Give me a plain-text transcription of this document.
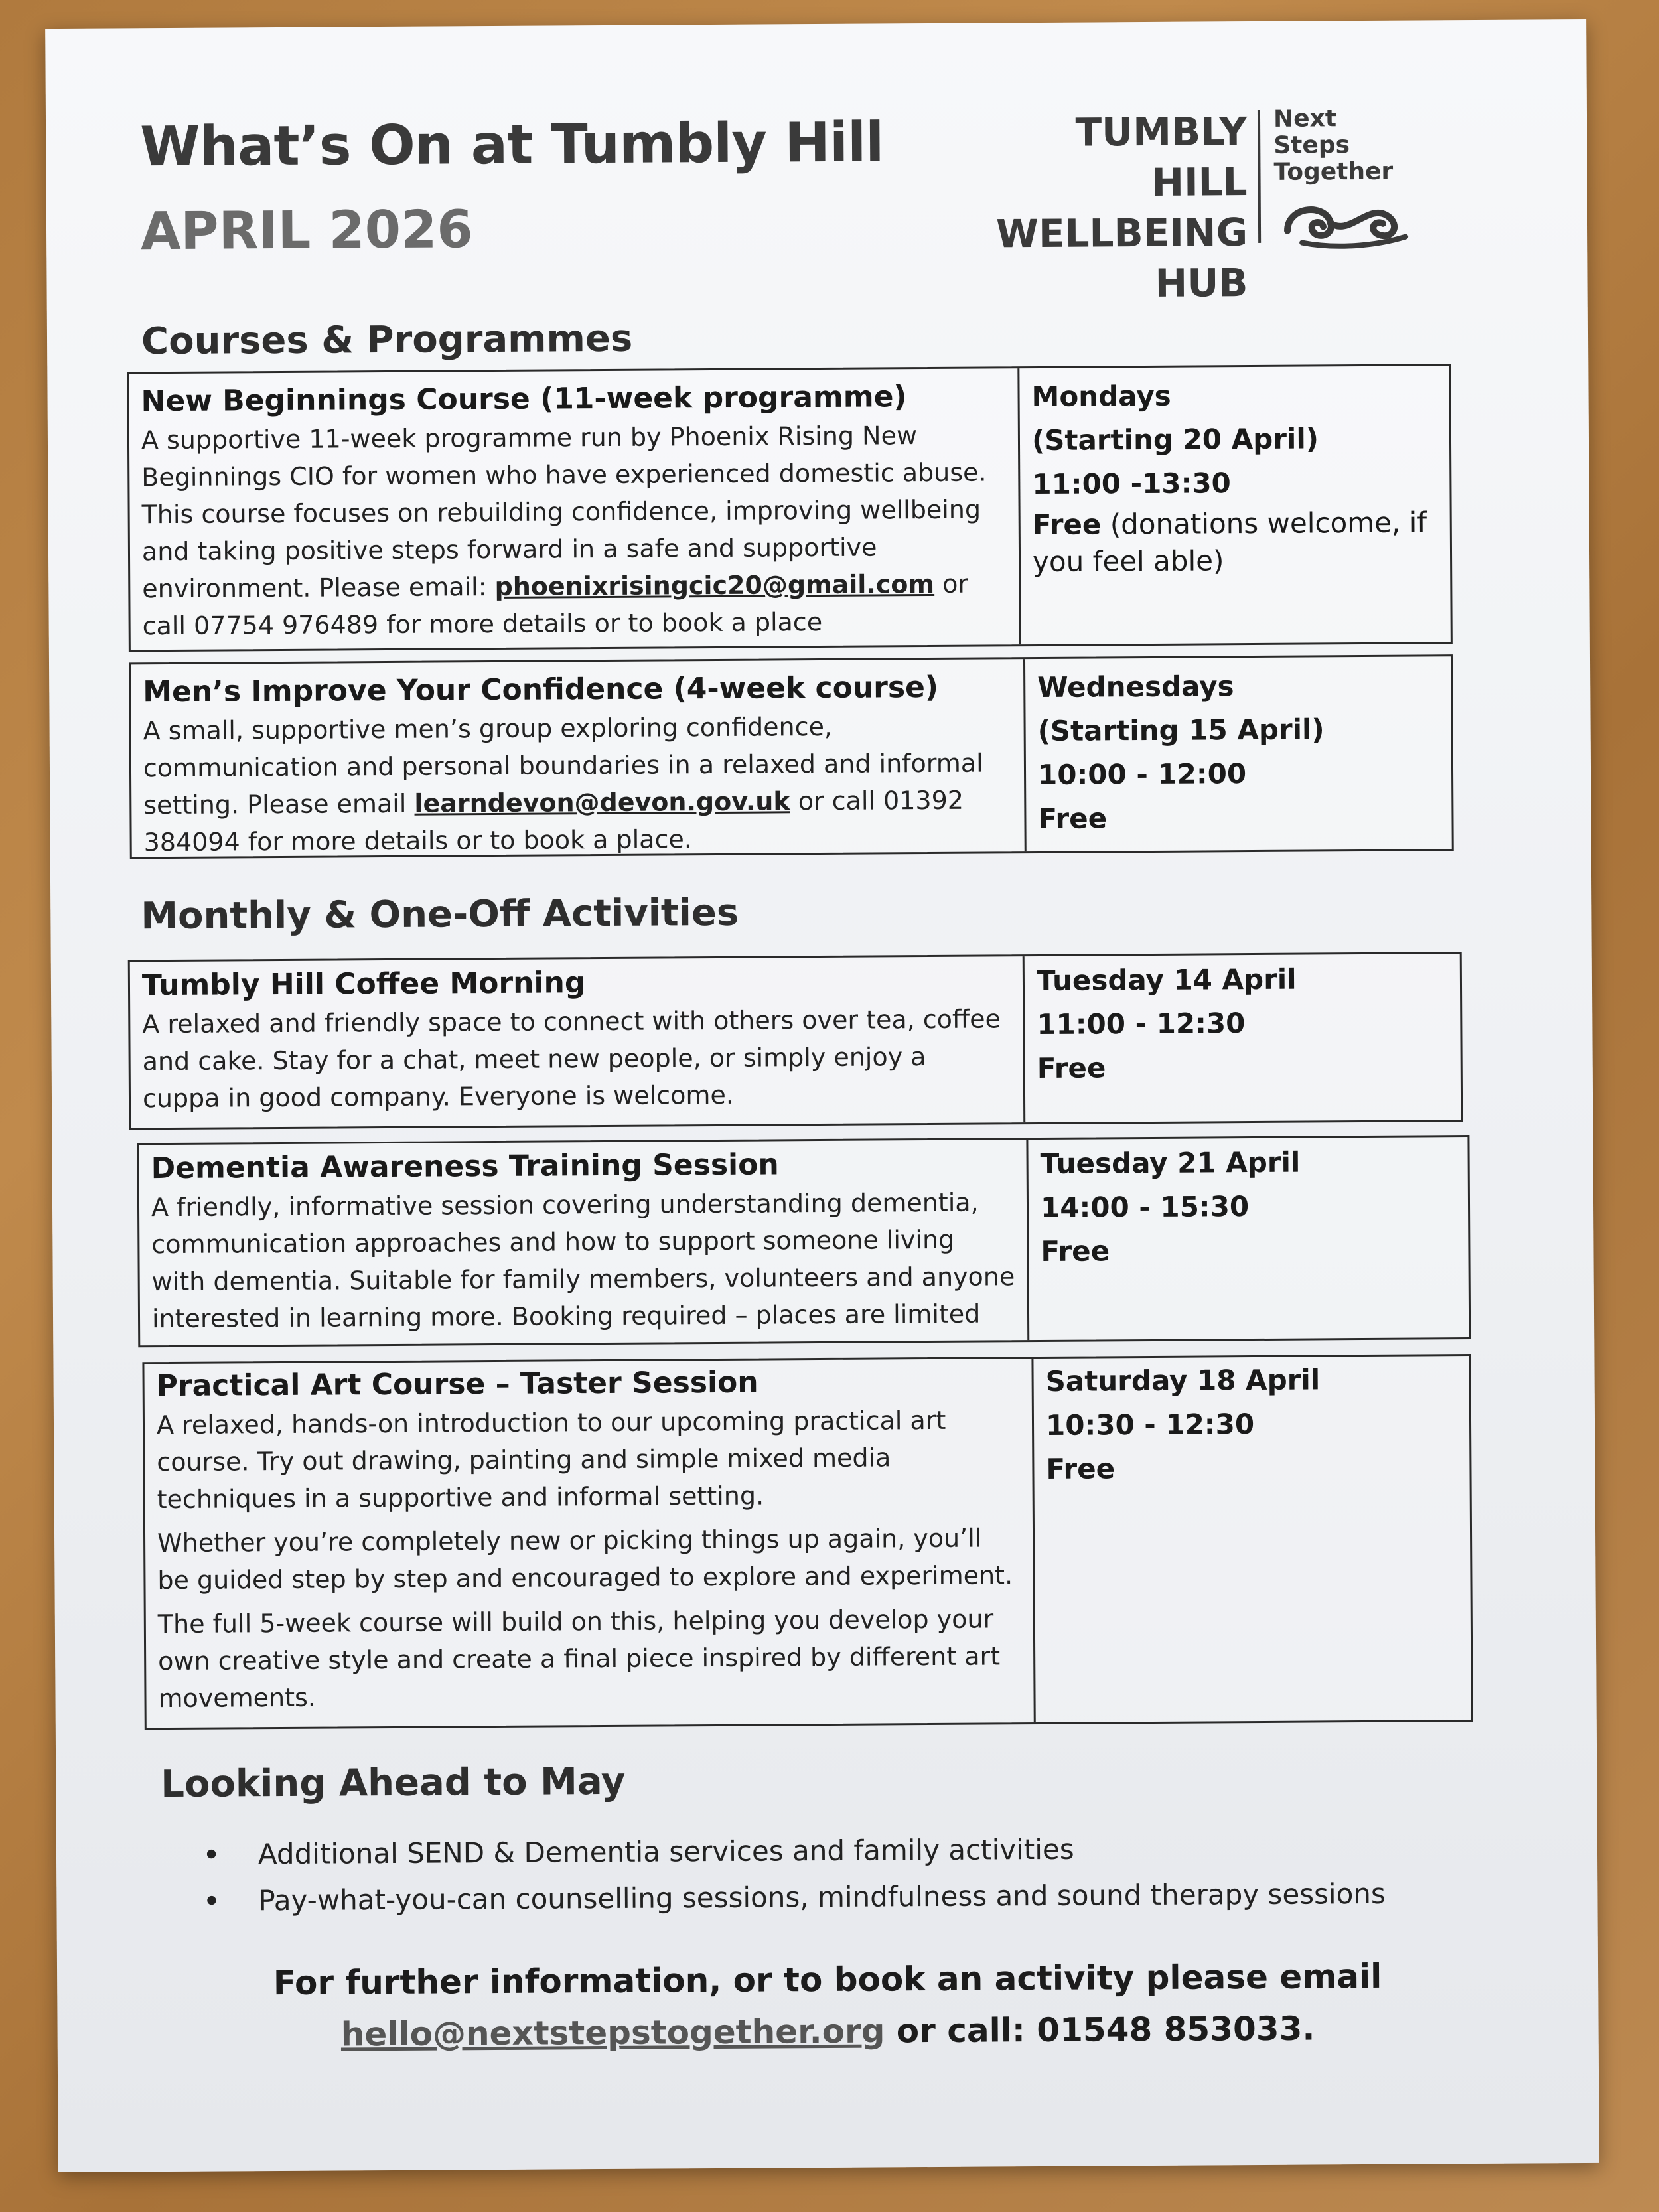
What’s On at Tumbly Hill
APRIL 2026
TUMBLY HILL
WELLBEING
HUB
Next
Steps
Together
Courses & Programmes
New Beginnings Course (11-week programme)
A supportive 11-week programme run by Phoenix Rising New Beginnings CIO for women who have experienced domestic abuse. This course focuses on rebuilding confidence, improving wellbeing and taking positive steps forward in a safe and supportive environment. Please email: phoenixrisingcic20@gmail.com or call 07754 976489 for more details or to book a place
Mondays
(Starting 20 April)
11:00 -13:30
Free (donations welcome, if you feel able)
Men’s Improve Your Confidence (4-week course)
A small, supportive men’s group exploring confidence, communication and personal boundaries in a relaxed and informal setting. Please email learndevon@devon.gov.uk or call 01392 384094 for more details or to book a place.
Wednesdays
(Starting 15 April)
10:00 - 12:00
Free
Monthly & One-Off Activities
Tumbly Hill Coffee Morning
A relaxed and friendly space to connect with others over tea, coffee and cake. Stay for a chat, meet new people, or simply enjoy a cuppa in good company. Everyone is welcome.
Tuesday 14 April
11:00 - 12:30
Free
Dementia Awareness Training Session
A friendly, informative session covering understanding dementia, communication approaches and how to support someone living with dementia. Suitable for family members, volunteers and anyone interested in learning more. Booking required – places are limited
Tuesday 21 April
14:00 - 15:30
Free
Practical Art Course – Taster Session

A relaxed, hands-on introduction to our upcoming practical art course. Try out drawing, painting and simple mixed media techniques in a supportive and informal setting.

Whether you’re completely new or picking things up again, you’ll be guided step by step and encouraged to explore and experiment.

The full 5-week course will build on this, helping you develop your own creative style and create a final piece inspired by different art movements.

Saturday 18 April
10:30 - 12:30
Free
Looking Ahead to May
• Additional SEND & Dementia services and family activities
• Pay-what-you-can counselling sessions, mindfulness and sound therapy sessions
For further information, or to book an activity please email
hello@nextstepstogether.org or call: 01548 853033.
